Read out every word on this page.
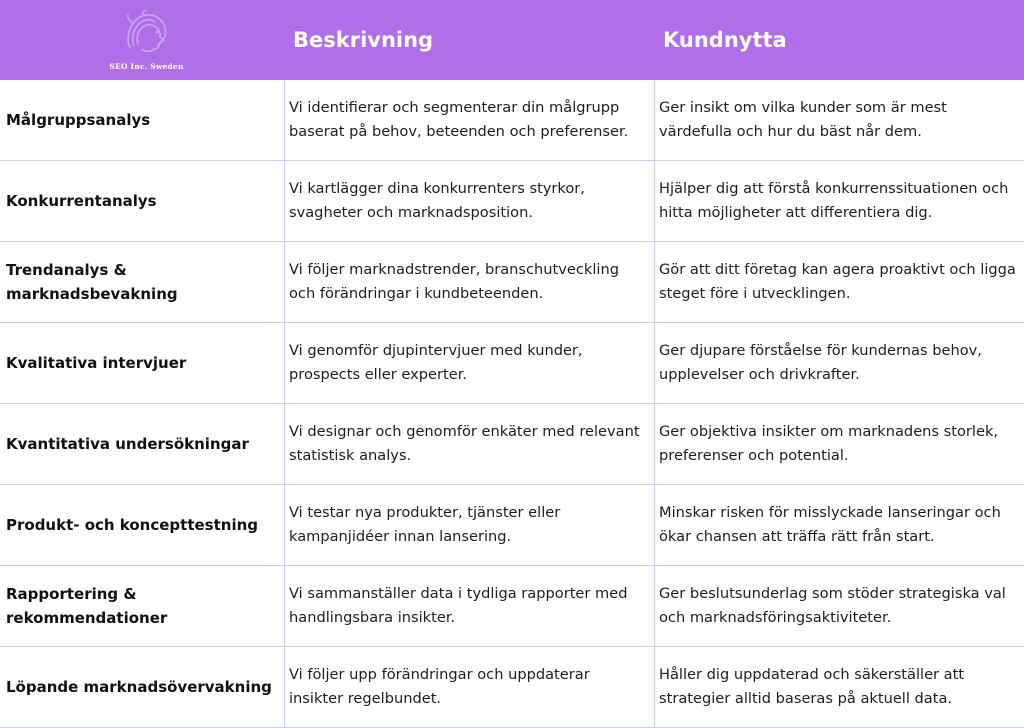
SEO Inc. Sweden
Beskrivning	Kundnytta
Målgruppsanalys
Vi identifierar och segmenterar din målgrupp baserat på behov, beteenden och preferenser.
Ger insikt om vilka kunder som är mest värdefulla och hur du bäst når dem.
Konkurrentanalys
Vi kartlägger dina konkurrenters styrkor, svagheter och marknadsposition.
Hjälper dig att förstå konkurrenssituationen och hitta möjligheter att differentiera dig.
Trendanalys & marknadsbevakning
Vi följer marknadstrender, branschutveckling och förändringar i kundbeteenden.
Gör att ditt företag kan agera proaktivt och ligga steget före i utvecklingen.
Kvalitativa intervjuer
Vi genomför djupintervjuer med kunder, prospects eller experter.
Ger djupare förståelse för kundernas behov, upplevelser och drivkrafter.
Kvantitativa undersökningar
Vi designar och genomför enkäter med relevant statistisk analys.
Ger objektiva insikter om marknadens storlek, preferenser och potential.
Produkt- och koncepttestning
Vi testar nya produkter, tjänster eller kampanjidéer innan lansering.
Minskar risken för misslyckade lanseringar och ökar chansen att träffa rätt från start.
Rapportering & rekommendationer
Vi sammanställer data i tydliga rapporter med handlingsbara insikter.
Ger beslutsunderlag som stöder strategiska val och marknadsföringsaktiviteter.
Löpande marknadsövervakning
Vi följer upp förändringar och uppdaterar insikter regelbundet.
Håller dig uppdaterad och säkerställer att strategier alltid baseras på aktuell data.
